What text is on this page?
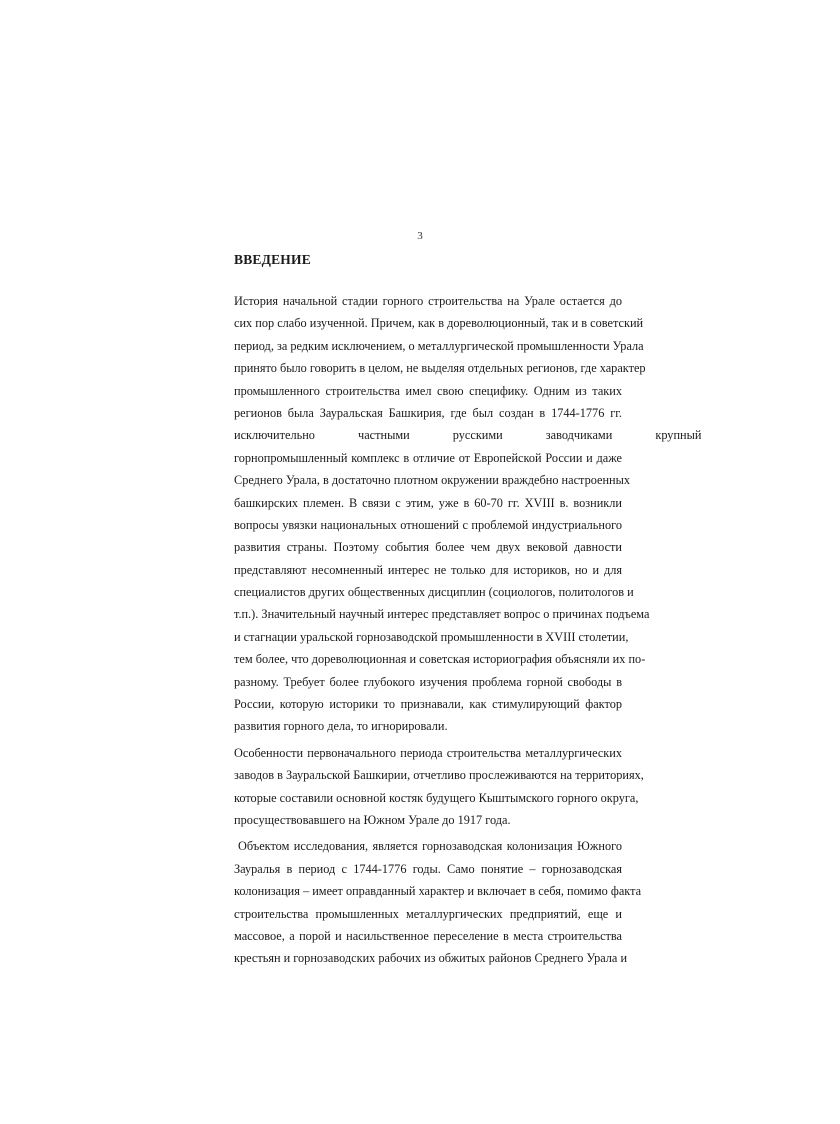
3
ВВЕДЕНИЕ
История начальной стадии горного строительства на Урале остается до
сих пор слабо изученной. Причем, как в дореволюционный, так и в советский
период, за редким исключением, о металлургической промышленности Урала
принято было говорить в целом, не выделяя отдельных регионов, где характер
промышленного строительства имел свою специфику. Одним из таких
регионов была Зауральская Башкирия, где был создан в 1744-1776 гг.
исключительно частными русскими заводчиками крупный
горнопромышленный комплекс в отличие от Европейской России и даже
Среднего Урала, в достаточно плотном окружении враждебно настроенных
башкирских племен. В связи с этим, уже в 60-70 гг. XVIII в. возникли
вопросы увязки национальных отношений с проблемой индустриального
развития страны. Поэтому события более чем двух вековой давности
представляют несомненный интерес не только для историков, но и для
специалистов других общественных дисциплин (социологов, политологов и
т.п.). Значительный научный интерес представляет вопрос о причинах подъема
и стагнации уральской горнозаводской промышленности в XVIII столетии,
тем более, что дореволюционная и советская историография объясняли их по-
разному. Требует более глубокого изучения проблема горной свободы в
России, которую историки то признавали, как стимулирующий фактор
развития горного дела, то игнорировали.
Особенности первоначального периода строительства металлургических
заводов в Зауральской Башкирии, отчетливо прослеживаются на территориях,
которые составили основной костяк будущего Кыштымского горного округа,
просуществовавшего на Южном Урале до 1917 года.
Объектом исследования, является горнозаводская колонизация Южного
Зауралья в период с 1744-1776 годы. Само понятие – горнозаводская
колонизация – имеет оправданный характер и включает в себя, помимо факта
строительства промышленных металлургических предприятий, еще и
массовое, а порой и насильственное переселение в места строительства
крестьян и горнозаводских рабочих из обжитых районов Среднего Урала и
